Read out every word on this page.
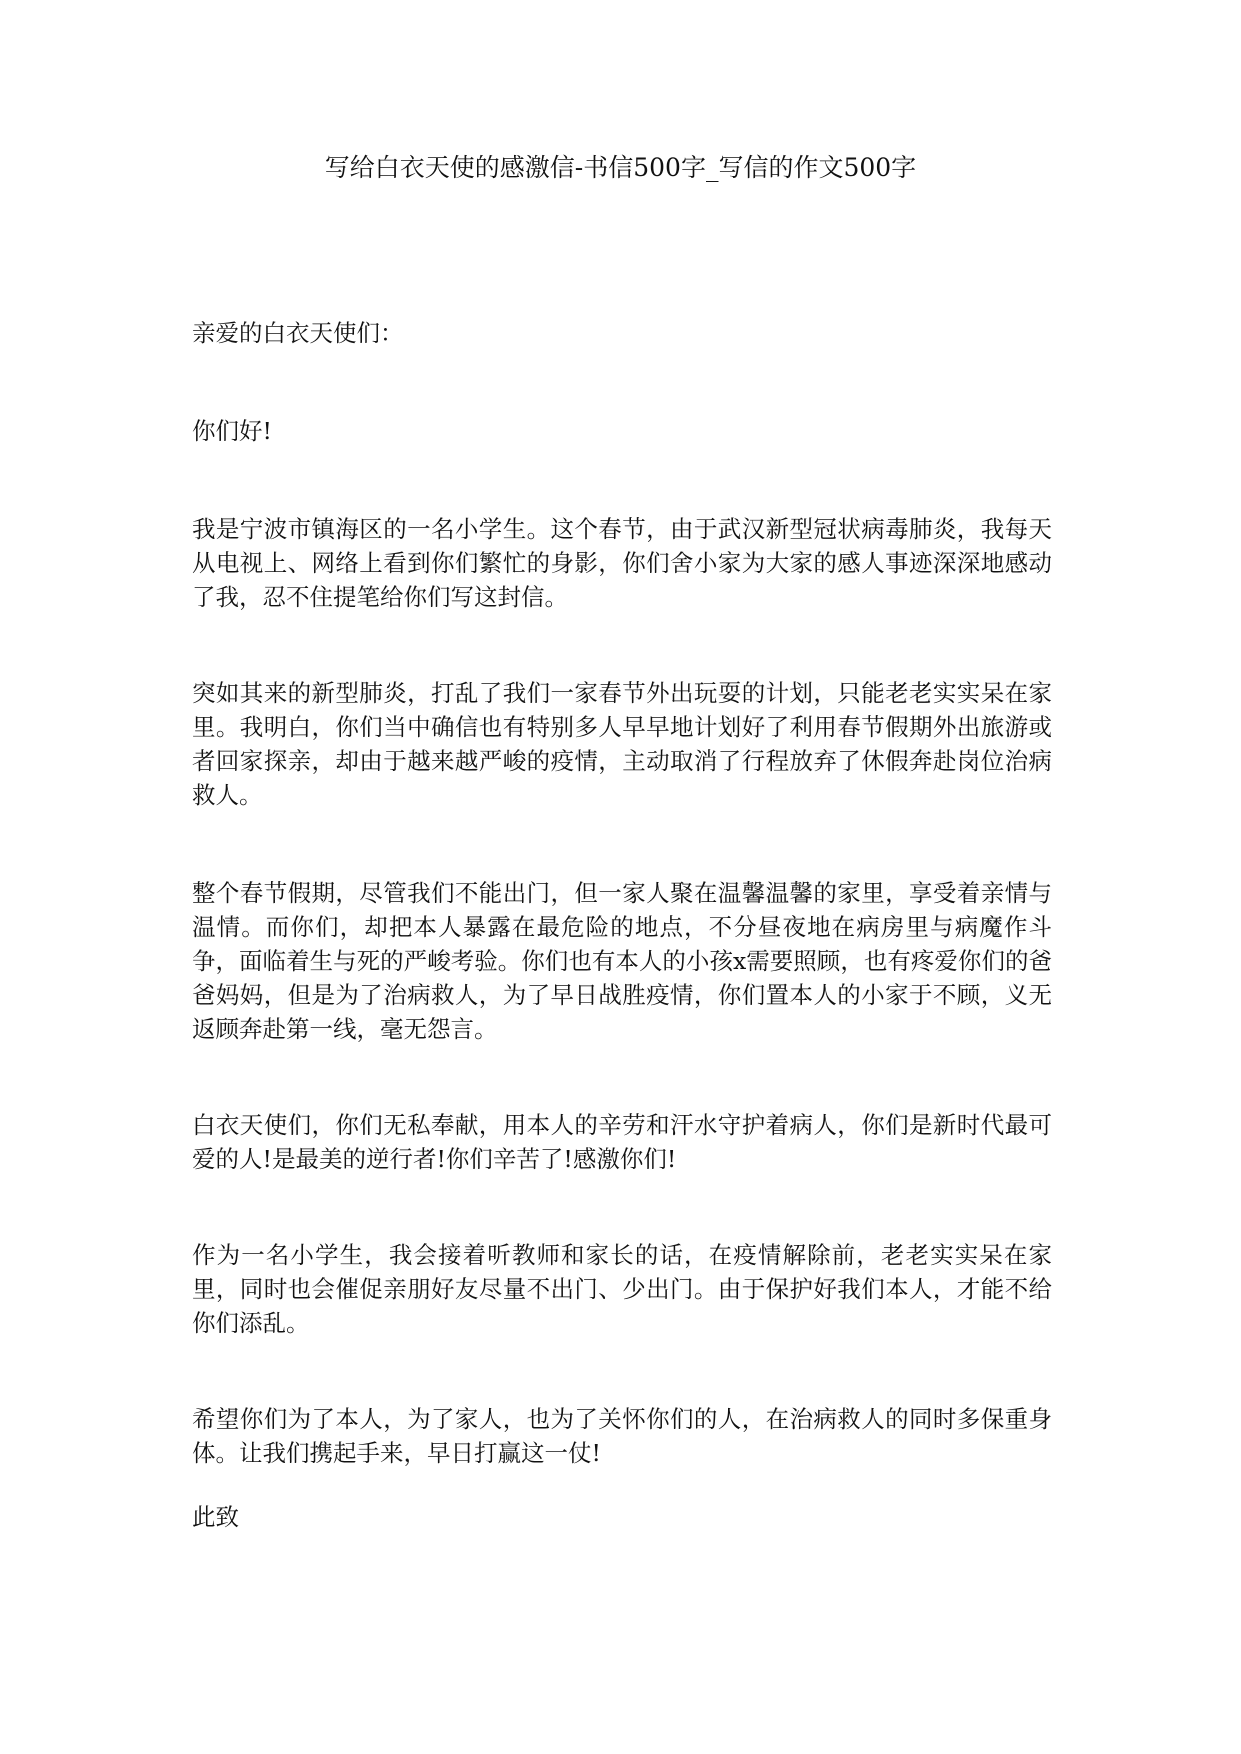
写给白衣天使的感激信-书信500字_写信的作文500字

亲爱的白衣天使们：

你们好!

我是宁波市镇海区的一名小学生。这个春节，由于武汉新型冠状病毒肺炎，我每天从电视上、网络上看到你们繁忙的身影，你们舍小家为大家的感人事迹深深地感动了我，忍不住提笔给你们写这封信。

突如其来的新型肺炎，打乱了我们一家春节外出玩耍的计划，只能老老实实呆在家里。我明白，你们当中确信也有特别多人早早地计划好了利用春节假期外出旅游或者回家探亲，却由于越来越严峻的疫情，主动取消了行程放弃了休假奔赴岗位治病救人。

整个春节假期，尽管我们不能出门，但一家人聚在温馨温馨的家里，享受着亲情与温情。而你们，却把本人暴露在最危险的地点，不分昼夜地在病房里与病魔作斗争，面临着生与死的严峻考验。你们也有本人的小孩x需要照顾，也有疼爱你们的爸爸妈妈，但是为了治病救人，为了早日战胜疫情，你们置本人的小家于不顾，义无返顾奔赴第一线，毫无怨言。

白衣天使们，你们无私奉献，用本人的辛劳和汗水守护着病人，你们是新时代最可爱的人!是最美的逆行者!你们辛苦了!感激你们!

作为一名小学生，我会接着听教师和家长的话，在疫情解除前，老老实实呆在家里，同时也会催促亲朋好友尽量不出门、少出门。由于保护好我们本人，才能不给你们添乱。

希望你们为了本人，为了家人，也为了关怀你们的人，在治病救人的同时多保重身体。让我们携起手来，早日打赢这一仗!

此致
